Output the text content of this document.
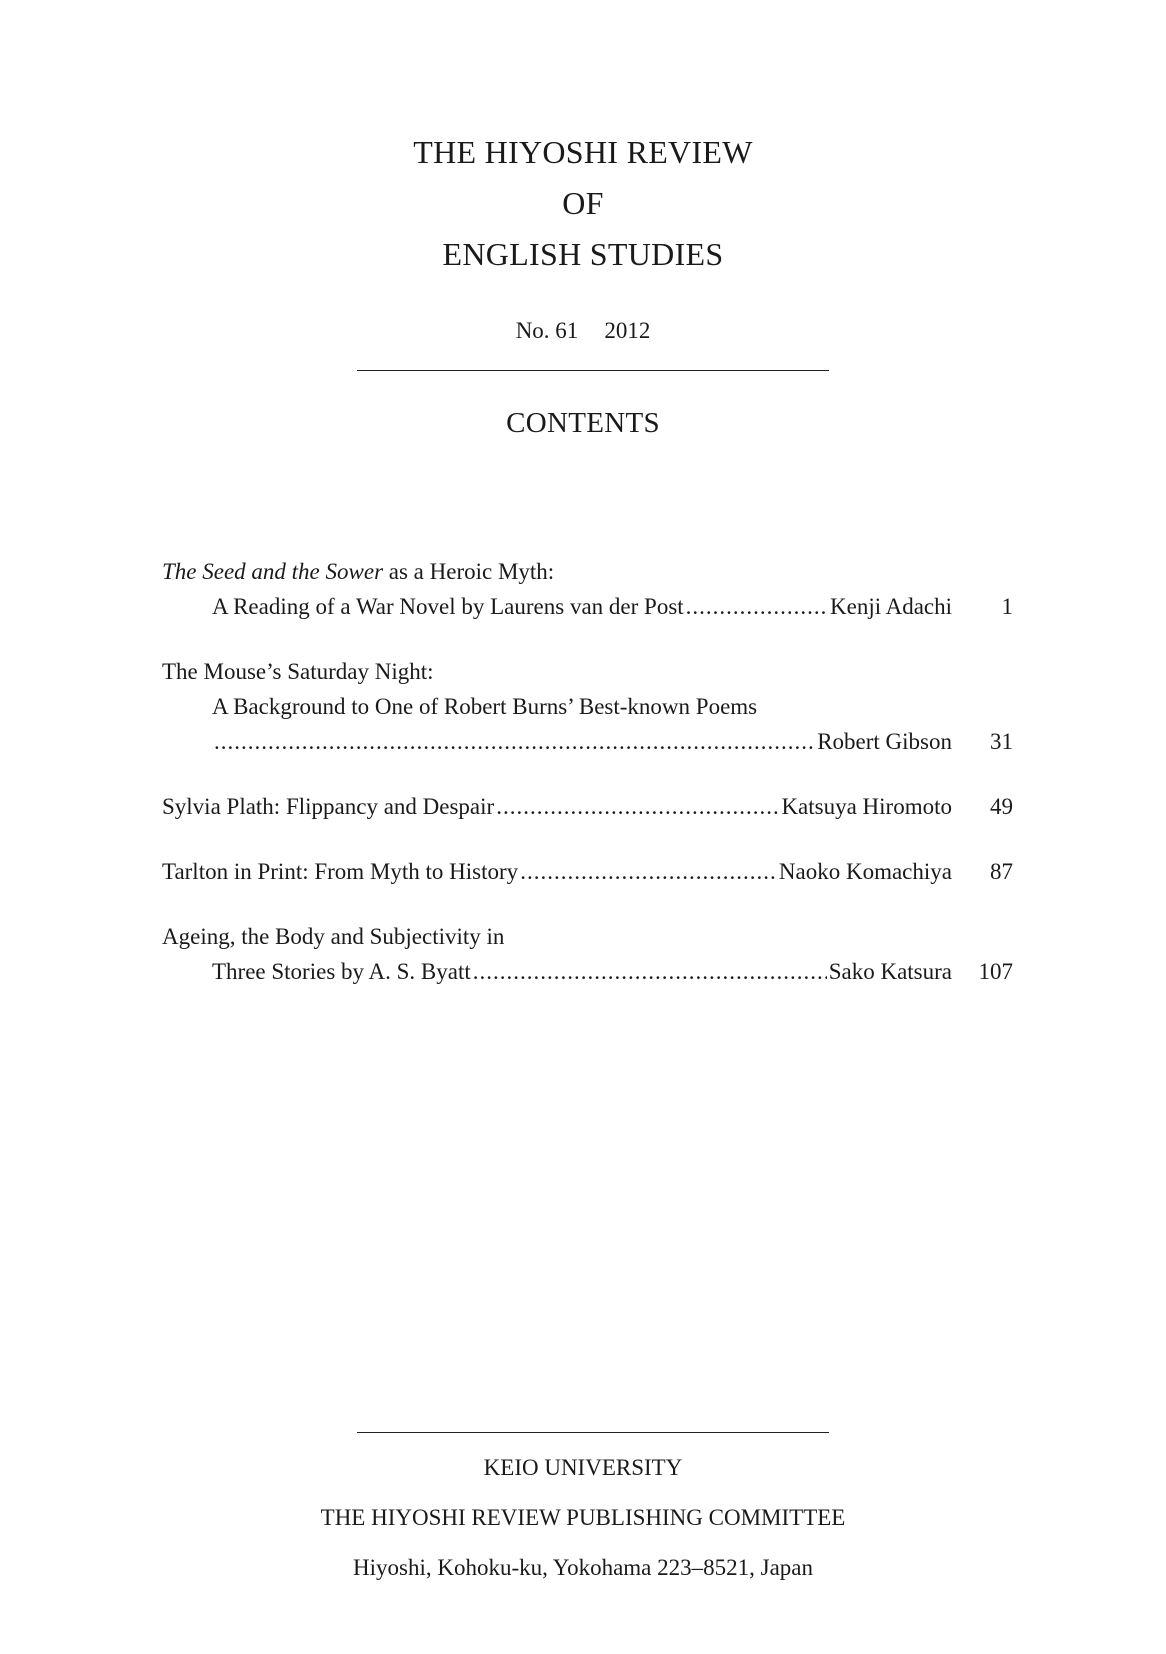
THE HIYOSHI REVIEW
OF
ENGLISH STUDIES
No. 61 2012
CONTENTS
The Seed and the Sower as a Heroic Myth:
A Reading of a War Novel by Laurens van der Post .....	Kenji Adachi 1
The Mouse’s Saturday Night:
A Background to One of Robert Burns’ Best-known Poems
.....
Robert Gibson 31
Sylvia Plath: Flippancy and Despair .....	Katsuya Hiromoto 49
Tarlton in Print: From Myth to History .....	Naoko Komachiya 87
Ageing, the Body and Subjectivity in
Three Stories by A. S. Byatt .....	Sako Katsura 107
KEIO UNIVERSITY
THE HIYOSHI REVIEW PUBLISHING COMMITTEE
Hiyoshi, Kohoku-ku, Yokohama 223–8521, Japan
